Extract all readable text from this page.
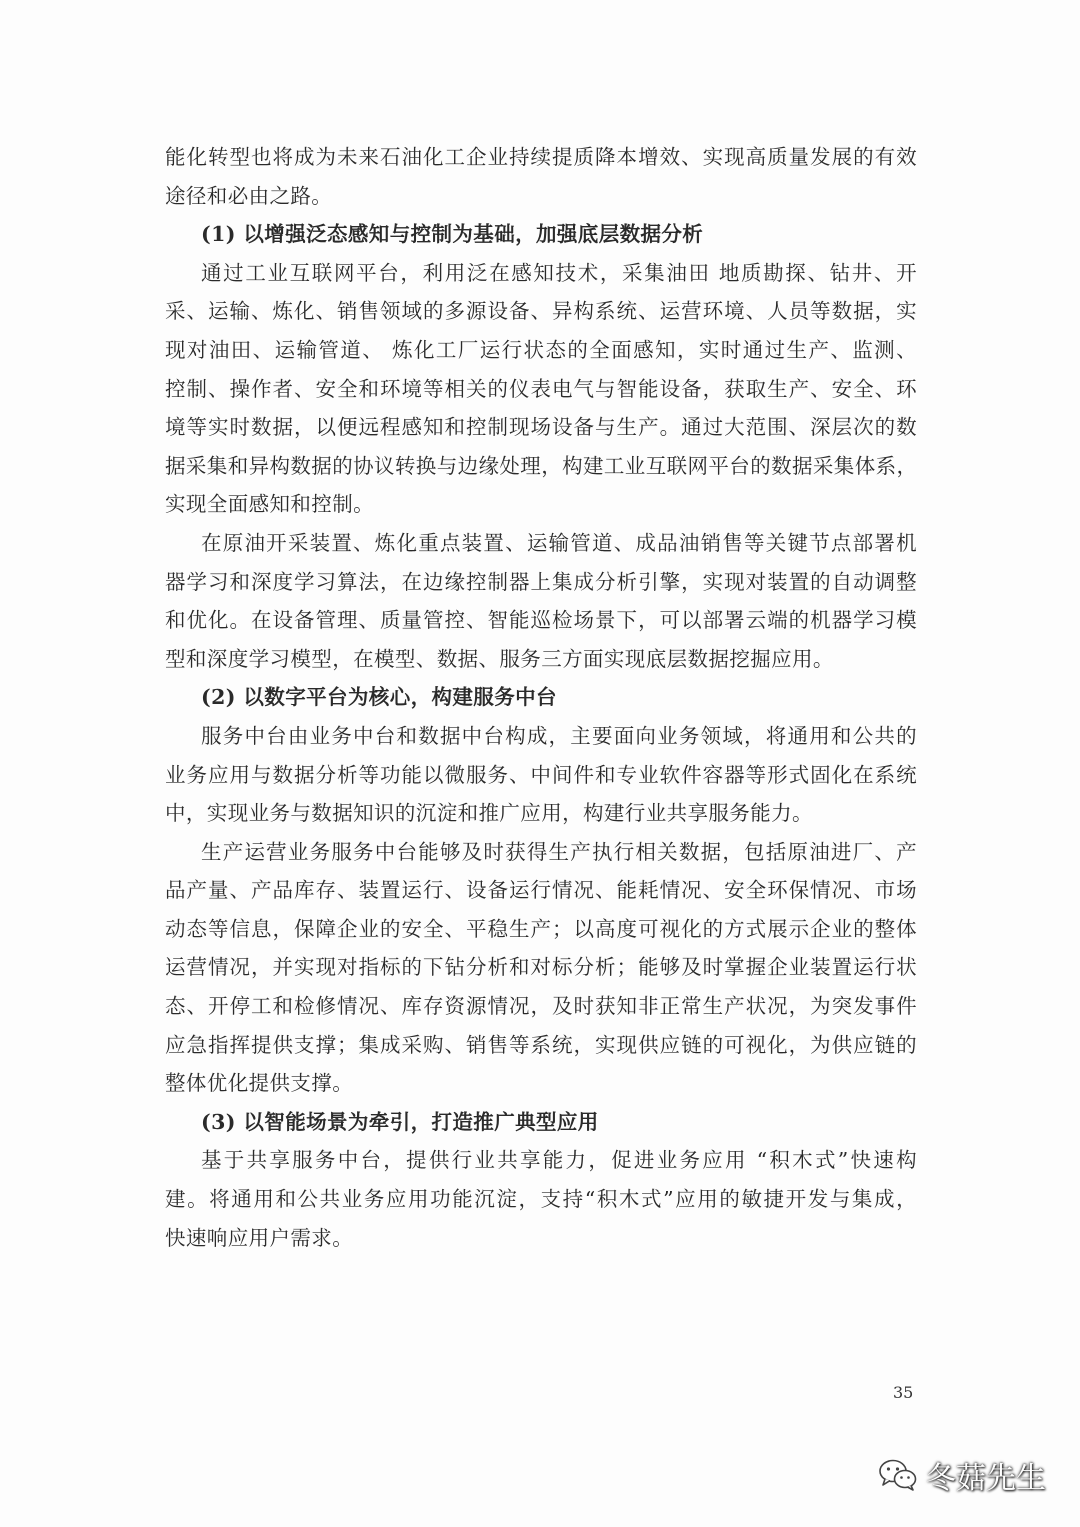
能化转型也将成为未来石油化工企业持续提质降本增效、实现高质量发展的有效
途径和必由之路。
(1) 以增强泛态感知与控制为基础，加强底层数据分析
通过工业互联网平台，利用泛在感知技术，采集油田 地质勘探、钻井、开
采、运输、炼化、销售领域的多源设备、异构系统、运营环境、人员等数据，实
现对油田、运输管道、 炼化工厂运行状态的全面感知，实时通过生产、监测、
控制、操作者、安全和环境等相关的仪表电气与智能设备，获取生产、安全、环
境等实时数据，以便远程感知和控制现场设备与生产。通过大范围、深层次的数
据采集和异构数据的协议转换与边缘处理，构建工业互联网平台的数据采集体系，
实现全面感知和控制。
在原油开采装置、炼化重点装置、运输管道、成品油销售等关键节点部署机
器学习和深度学习算法，在边缘控制器上集成分析引擎，实现对装置的自动调整
和优化。在设备管理、质量管控、智能巡检场景下，可以部署云端的机器学习模
型和深度学习模型，在模型、数据、服务三方面实现底层数据挖掘应用。
(2) 以数字平台为核心，构建服务中台
服务中台由业务中台和数据中台构成，主要面向业务领域，将通用和公共的
业务应用与数据分析等功能以微服务、中间件和专业软件容器等形式固化在系统
中，实现业务与数据知识的沉淀和推广应用，构建行业共享服务能力。
生产运营业务服务中台能够及时获得生产执行相关数据，包括原油进厂、产
品产量、产品库存、装置运行、设备运行情况、能耗情况、安全环保情况、市场
动态等信息，保障企业的安全、平稳生产；以高度可视化的方式展示企业的整体
运营情况，并实现对指标的下钻分析和对标分析；能够及时掌握企业装置运行状
态、开停工和检修情况、库存资源情况，及时获知非正常生产状况，为突发事件
应急指挥提供支撑；集成采购、销售等系统，实现供应链的可视化，为供应链的
整体优化提供支撑。
(3) 以智能场景为牵引，打造推广典型应用
基于共享服务中台，提供行业共享能力，促进业务应用 “积木式”快速构
建。将通用和公共业务应用功能沉淀，支持“积木式”应用的敏捷开发与集成，
快速响应用户需求。
35
冬菇先生
